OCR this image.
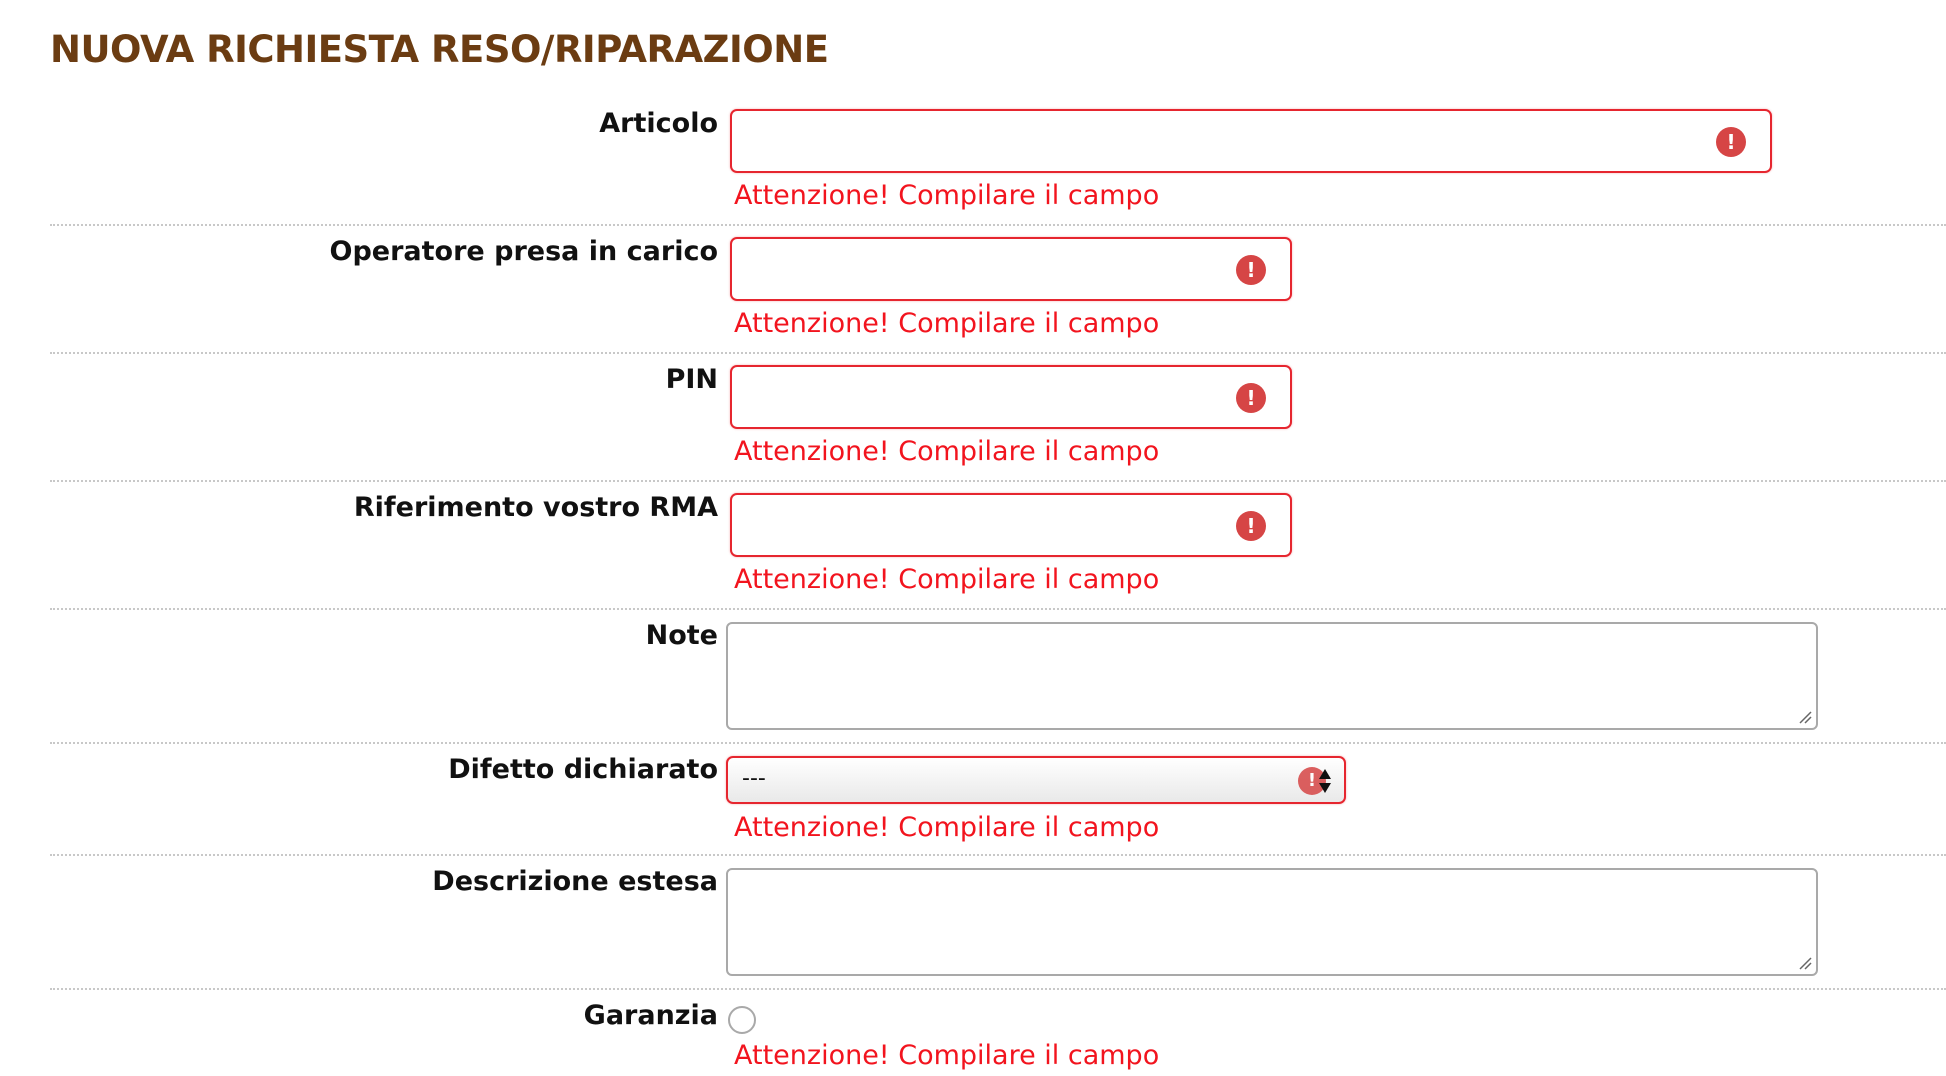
NUOVA RICHIESTA RESO/RIPARAZIONE
Articolo
!
Attenzione! Compilare il campo
Operatore presa in carico
!
Attenzione! Compilare il campo
PIN
!
Attenzione! Compilare il campo
Riferimento vostro RMA
!
Attenzione! Compilare il campo
Note
Difetto dichiarato ---	!
Attenzione! Compilare il campo
Descrizione estesa
Garanzia
Attenzione! Compilare il campo
